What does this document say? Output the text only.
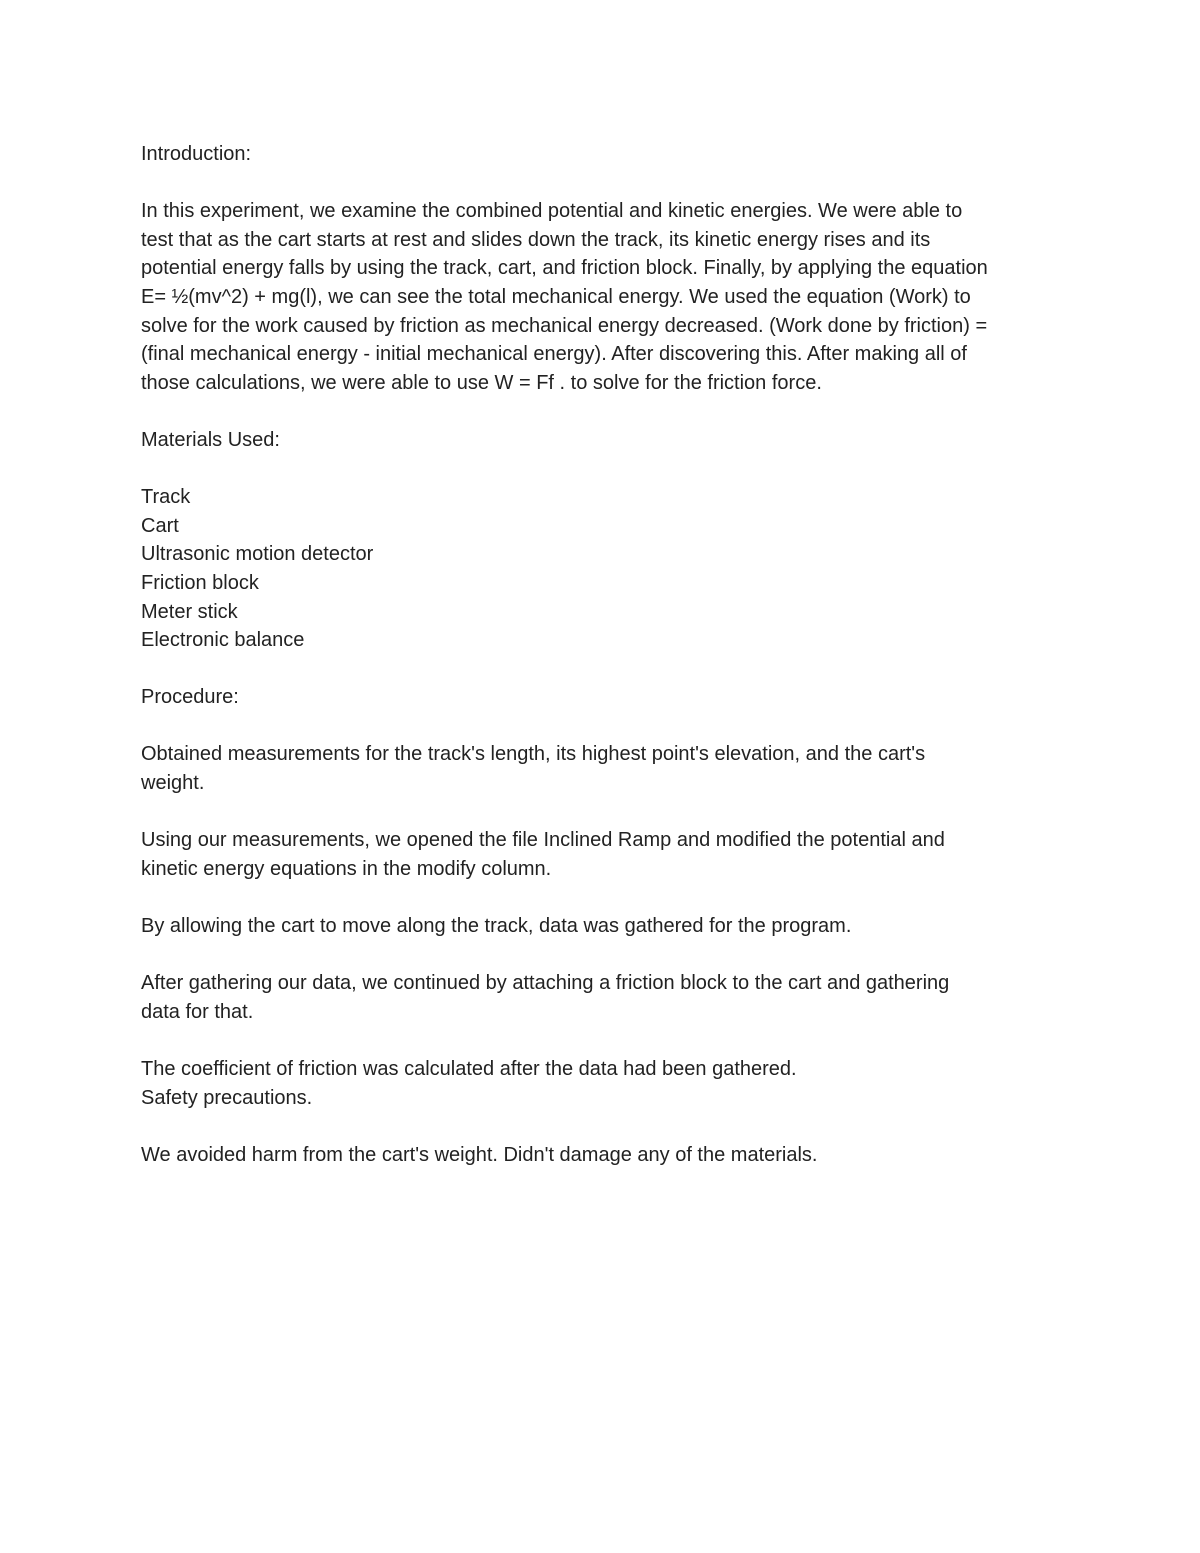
Introduction:

In this experiment, we examine the combined potential and kinetic energies. We were able to

test that as the cart starts at rest and slides down the track, its kinetic energy rises and its

potential energy falls by using the track, cart, and friction block. Finally, by applying the equation

E= ½(mv^2) + mg(l), we can see the total mechanical energy. We used the equation (Work) to

solve for the work caused by friction as mechanical energy decreased. (Work done by friction) =

(final mechanical energy - initial mechanical energy). After discovering this. After making all of

those calculations, we were able to use W = Ff . to solve for the friction force.

Materials Used:

Track

Cart

Ultrasonic motion detector

Friction block

Meter stick

Electronic balance

Procedure:

Obtained measurements for the track's length, its highest point's elevation, and the cart's

weight.

Using our measurements, we opened the file Inclined Ramp and modified the potential and

kinetic energy equations in the modify column.

By allowing the cart to move along the track, data was gathered for the program.

After gathering our data, we continued by attaching a friction block to the cart and gathering

data for that.

The coefficient of friction was calculated after the data had been gathered.

Safety precautions.

We avoided harm from the cart's weight. Didn't damage any of the materials.
